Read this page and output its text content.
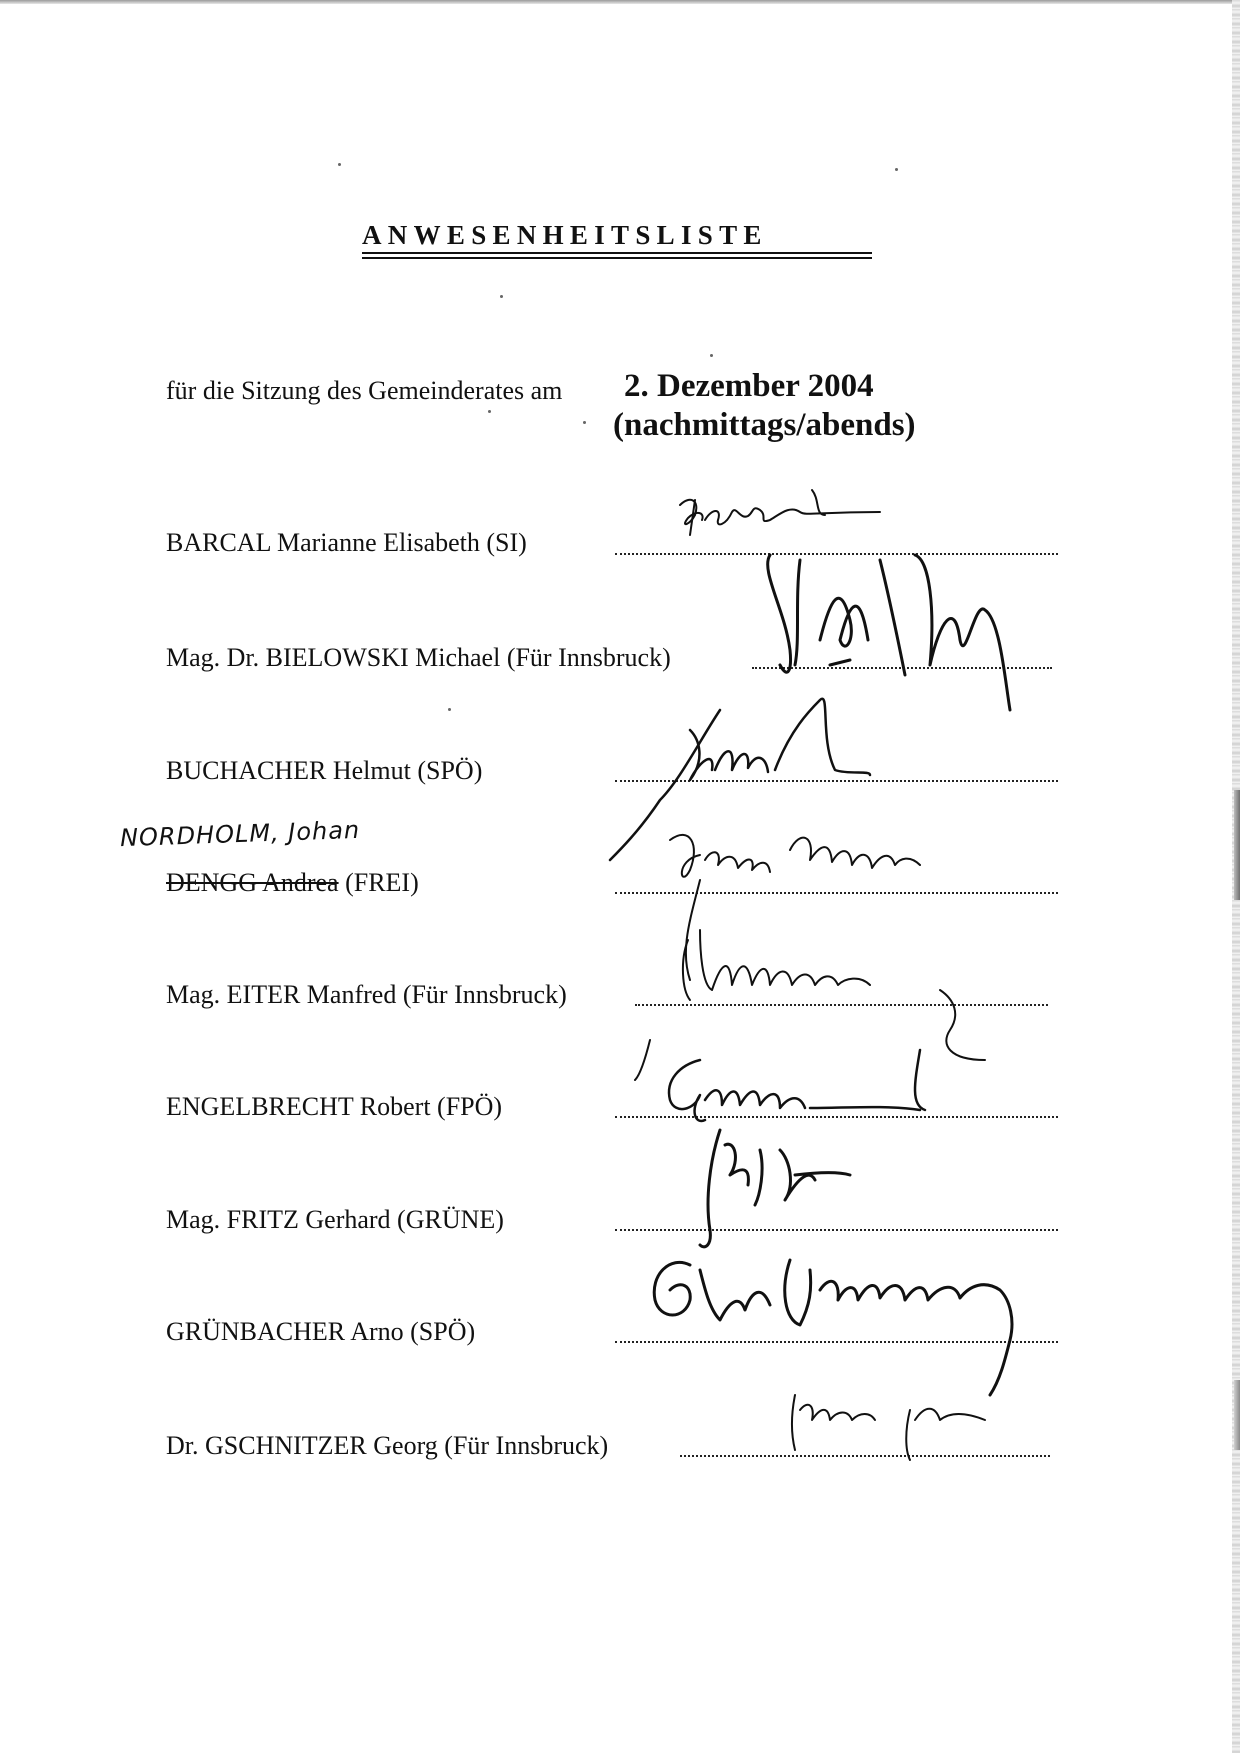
ANWESENHEITSLISTE
für die Sitzung des Gemeinderates am 2. Dezember 2004
(nachmittags/abends)
BARCAL Marianne Elisabeth (SI)
Mag. Dr. BIELOWSKI Michael (Für Innsbruck)
BUCHACHER Helmut (SPÖ)
NORDHOLM, Johan
DENGG Andrea (FREI)
Mag. EITER Manfred (Für Innsbruck)
ENGELBRECHT Robert (FPÖ)
Mag. FRITZ Gerhard (GRÜNE)
GRÜNBACHER Arno (SPÖ)
Dr. GSCHNITZER Georg (Für Innsbruck)
